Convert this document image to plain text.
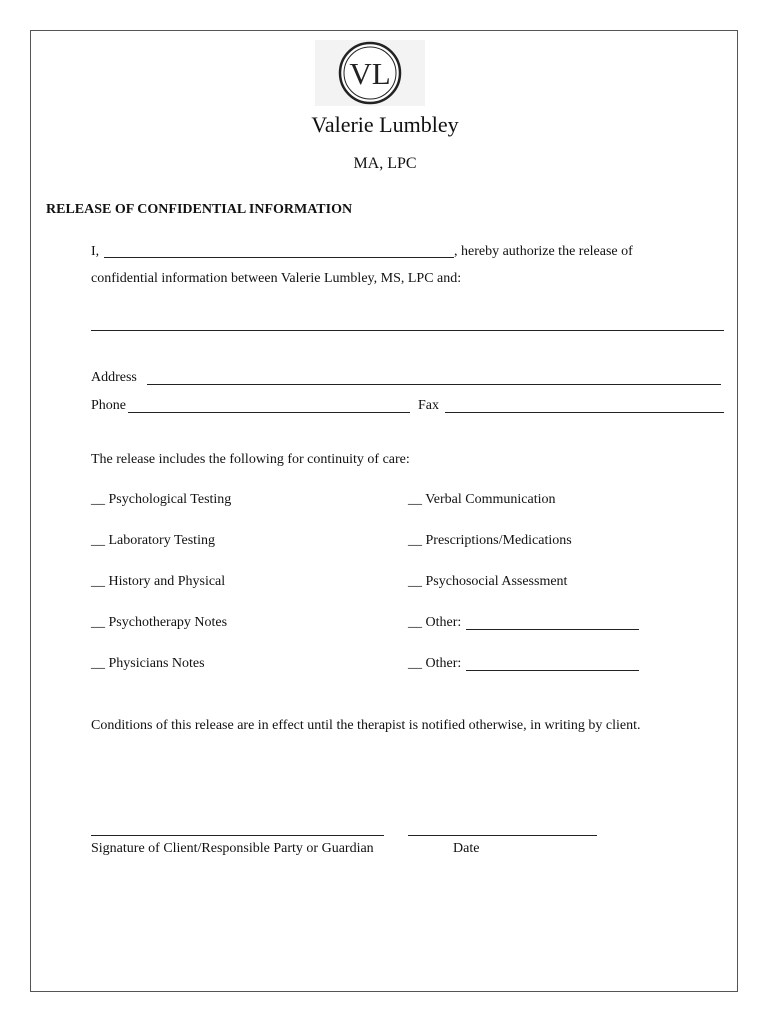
VL
Valerie Lumbley
MA, LPC
RELEASE OF CONFIDENTIAL INFORMATION
I,	, hereby authorize the release of
confidential information between Valerie Lumbley, MS, LPC and:
Address
Phone	Fax
The release includes the following for continuity of care:
__ Psychological Testing	__ Verbal Communication
__ Laboratory Testing	__ Prescriptions/Medications
__ History and Physical	__ Psychosocial Assessment
__ Psychotherapy Notes	__ Other:
__ Physicians Notes	__ Other:
Conditions of this release are in effect until the therapist is notified otherwise, in writing by client.
Signature of Client/Responsible Party or Guardian	Date
